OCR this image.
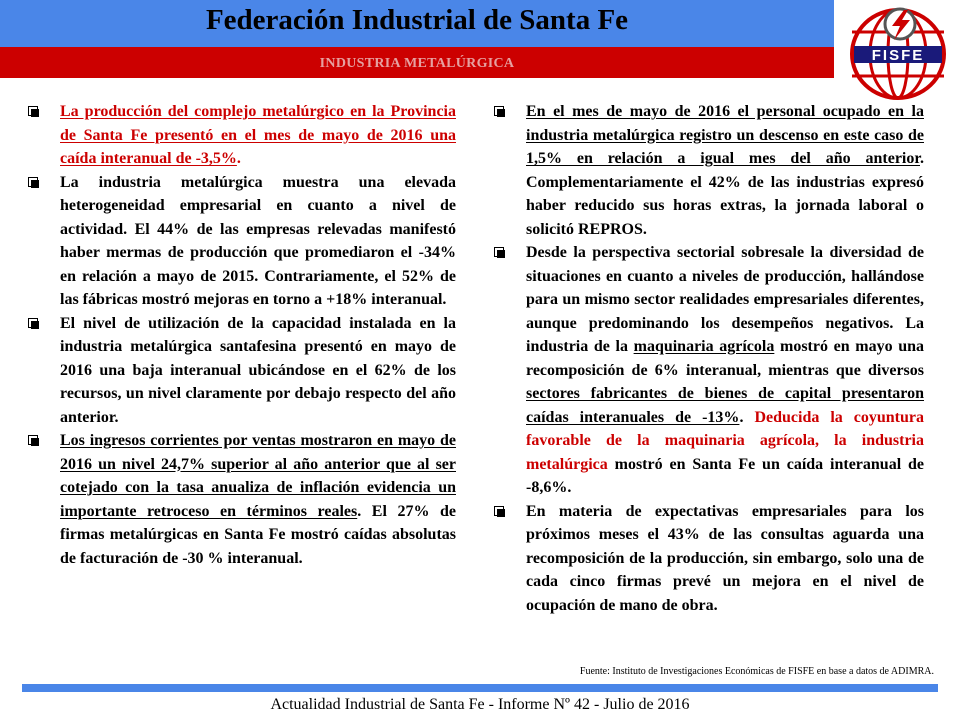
Federación Industrial de Santa Fe
INDUSTRIA METALÚRGICA	FISFE
La producción del complejo metalúrgico en la Provincia de Santa Fe presentó en el mes de mayo de 2016 una caída interanual de -3,5%.
La industria metalúrgica muestra una elevada heterogeneidad empresarial en cuanto a nivel de actividad. El 44% de las empresas relevadas manifestó haber mermas de producción que promediaron el -34% en relación a mayo de 2015. Contrariamente, el 52% de las fábricas mostró mejoras en torno a +18% interanual.
El nivel de utilización de la capacidad instalada en la industria metalúrgica santafesina presentó en mayo de 2016 una baja interanual ubicándose en el 62% de los recursos, un nivel claramente por debajo respecto del año anterior.
Los ingresos corrientes por ventas mostraron en mayo de 2016 un nivel 24,7% superior al año anterior que al ser cotejado con la tasa anualiza de inflación evidencia un importante retroceso en términos reales. El 27% de firmas metalúrgicas en Santa Fe mostró caídas absolutas de facturación de -30 % interanual.
En el mes de mayo de 2016 el personal ocupado en la industria metalúrgica registro un descenso en este caso de 1,5% en relación a igual mes del año anterior. Complementariamente el 42% de las industrias expresó haber reducido sus horas extras, la jornada laboral o solicitó REPROS.
Desde la perspectiva sectorial sobresale la diversidad de situaciones en cuanto a niveles de producción, hallándose para un mismo sector realidades empresariales diferentes, aunque predominando los desempeños negativos. La industria de la maquinaria agrícola mostró en mayo una recomposición de 6% interanual, mientras que diversos sectores fabricantes de bienes de capital presentaron caídas interanuales de -13%. Deducida la coyuntura favorable de la maquinaria agrícola, la industria metalúrgica mostró en Santa Fe un caída interanual de -8,6%.
En materia de expectativas empresariales para los próximos meses el 43% de las consultas aguarda una recomposición de la producción, sin embargo, solo una de cada cinco firmas prevé un mejora en el nivel de ocupación de mano de obra.
Fuente: Instituto de Investigaciones Económicas de FISFE en base a datos de ADIMRA.
Actualidad Industrial de Santa Fe - Informe Nº 42 - Julio de 2016
